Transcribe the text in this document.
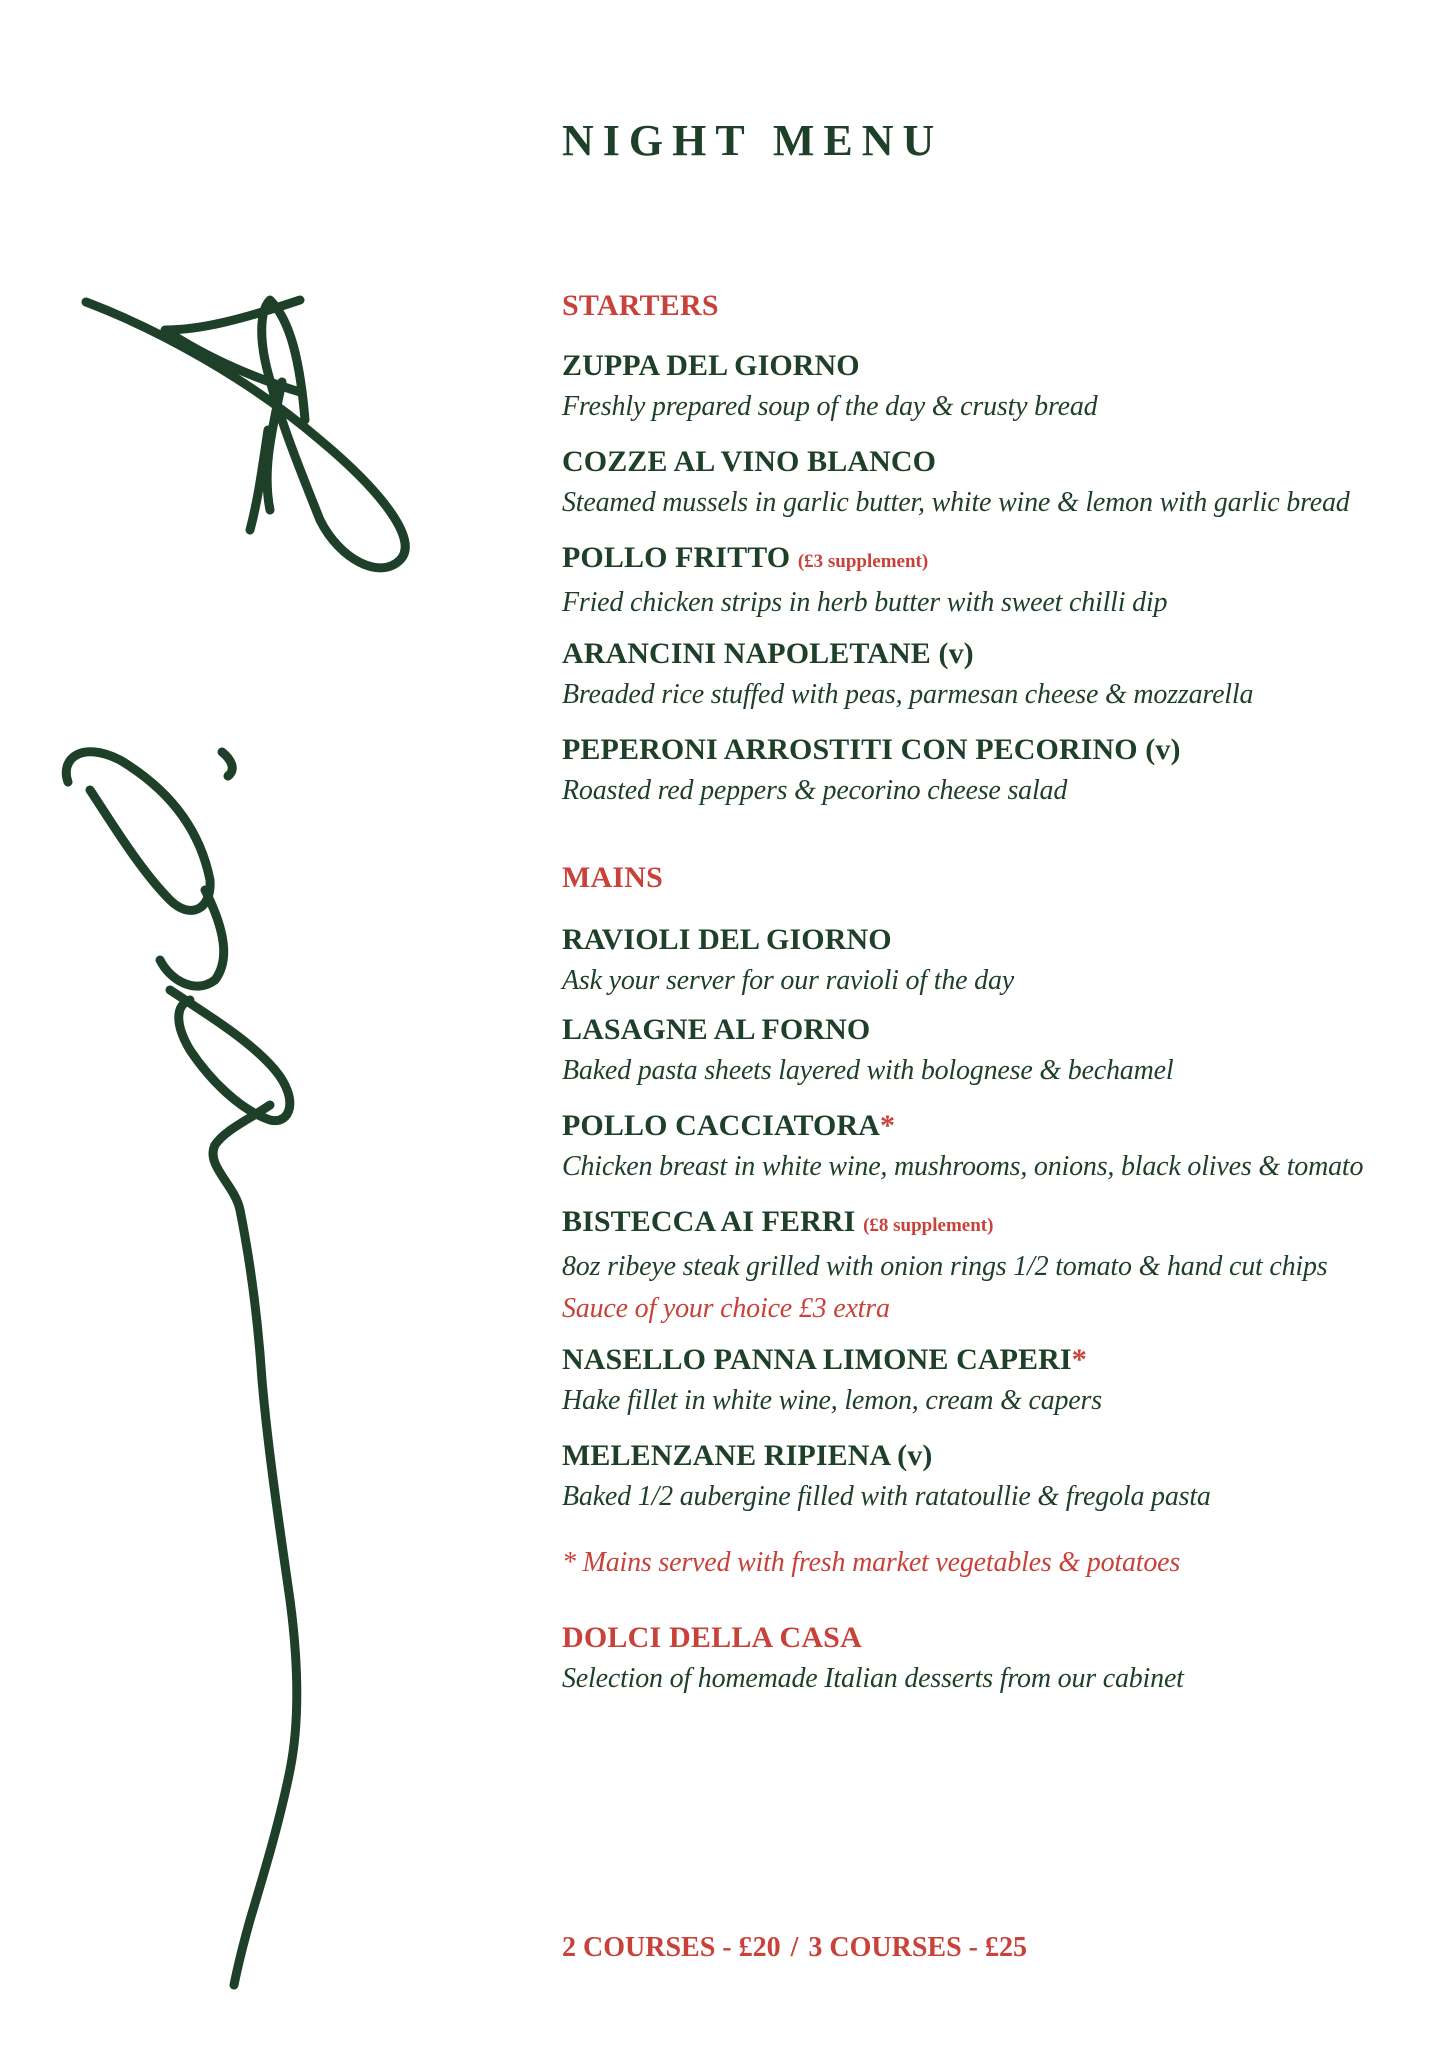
NIGHT MENU
STARTERS
ZUPPA DEL GIORNO
Freshly prepared soup of the day & crusty bread
COZZE AL VINO BLANCO
Steamed mussels in garlic butter, white wine & lemon with garlic bread
POLLO FRITTO (£3 supplement)
Fried chicken strips in herb butter with sweet chilli dip
ARANCINI NAPOLETANE (v)
Breaded rice stuffed with peas, parmesan cheese & mozzarella
PEPERONI ARROSTITI CON PECORINO (v)
Roasted red peppers & pecorino cheese salad
MAINS
RAVIOLI DEL GIORNO
Ask your server for our ravioli of the day
LASAGNE AL FORNO
Baked pasta sheets layered with bolognese & bechamel
POLLO CACCIATORA*
Chicken breast in white wine, mushrooms, onions, black olives & tomato
BISTECCA AI FERRI (£8 supplement)
8oz ribeye steak grilled with onion rings 1/2 tomato & hand cut chips
Sauce of your choice £3 extra
NASELLO PANNA LIMONE CAPERI*
Hake fillet in white wine, lemon, cream & capers
MELENZANE RIPIENA (v)
Baked 1/2 aubergine filled with ratatoullie & fregola pasta
* Mains served with fresh market vegetables & potatoes
DOLCI DELLA CASA
Selection of homemade Italian desserts from our cabinet
2 COURSES - £20 / 3 COURSES - £25
